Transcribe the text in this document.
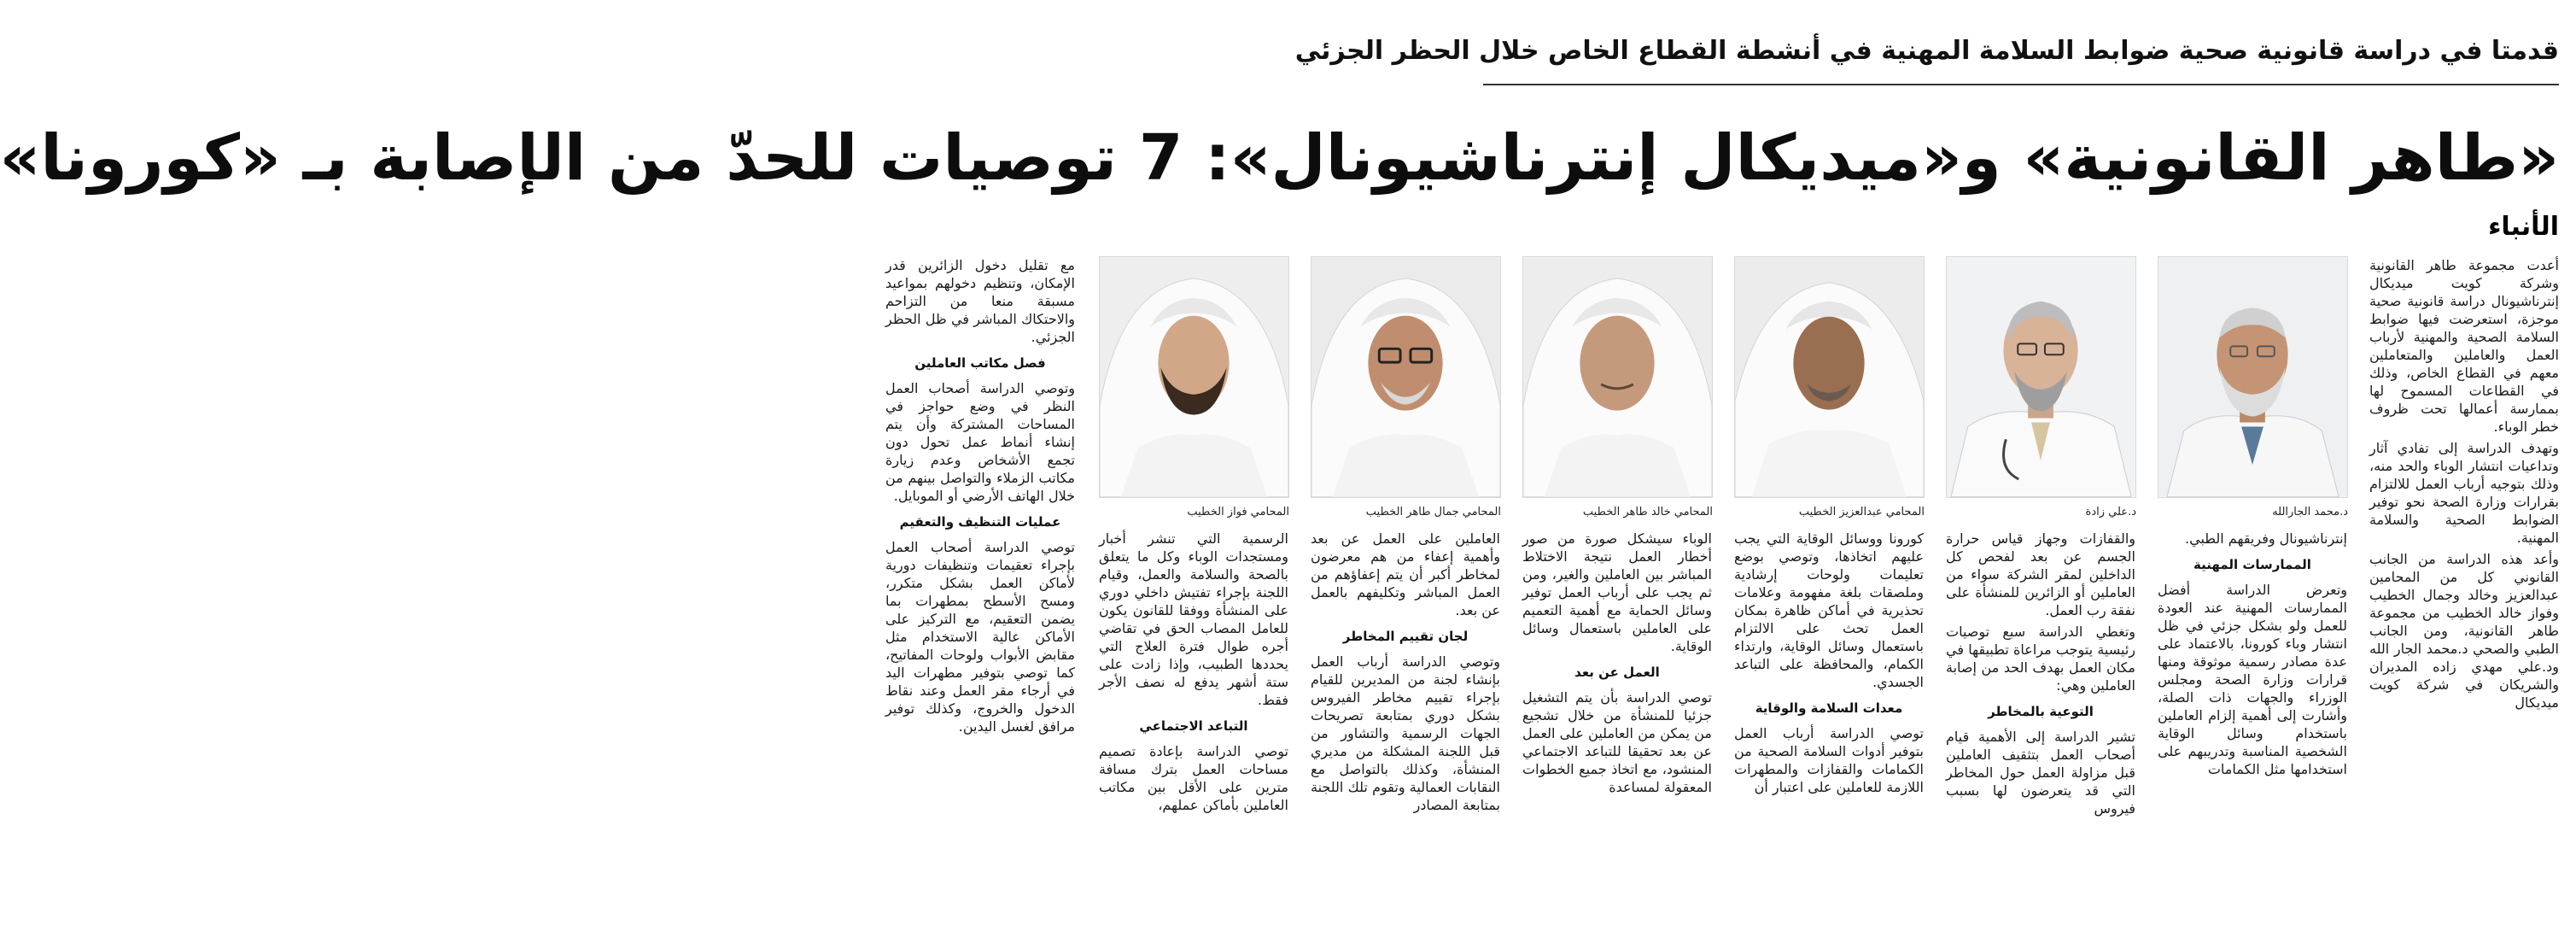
قدمتا في دراسة قانونية صحية ضوابط السلامة المهنية في أنشطة القطاع الخاص خلال الحظر الجزئي
«طاهر القانونية» و«ميديكال إنترناشيونال»: 7 توصيات للحدّ من الإصابة بـ «كورونا»
الأنباء

أعدت مجموعة طاهر القانونية وشركة كويت ميديكال إنترناشيونال دراسة قانونية صحية موجزة، استعرضت فيها ضوابط السلامة الصحية والمهنية لأرباب العمل والعاملين والمتعاملين معهم في القطاع الخاص، وذلك في القطاعات المسموح لها بممارسة أعمالها تحت ظروف خطر الوباء.

وتهدف الدراسة إلى تفادي آثار وتداعيات انتشار الوباء والحد منه، وذلك بتوجيه أرباب العمل للالتزام بقرارات وزارة الصحة نحو توفير الضوابط الصحية والسلامة المهنية.

وأعد هذه الدراسة من الجانب القانوني كل من المحامين عبدالعزيز وخالد وجمال الخطيب وفواز خالد الخطيب من مجموعة طاهر القانونية، ومن الجانب الطبي والصحي د.محمد الجار الله ود.علي مهدي زاده المديران والشريكان في شركة كويت ميديكال

د.محمد الجارالله
د.علي زادة
المحامي عبدالعزيز الخطيب
المحامي خالد طاهر الخطيب
المحامي جمال طاهر الخطيب
المحامي فواز الخطيب

إنترناشيونال وفريقهم الطبي.

الممارسات المهنية

وتعرض الدراسة أفضل الممارسات المهنية عند العودة للعمل ولو بشكل جزئي في ظل انتشار وباء كورونا، بالاعتماد على عدة مصادر رسمية موثوقة ومنها قرارات وزارة الصحة ومجلس الوزراء والجهات ذات الصلة، وأشارت إلى أهمية إلزام العاملين باستخدام وسائل الوقاية الشخصية المناسبة وتدريبهم على استخدامها مثل الكمامات

والقفازات وجهاز قياس حرارة الجسم عن بعد لفحص كل الداخلين لمقر الشركة سواء من العاملين أو الزائرين للمنشأة على نفقة رب العمل.

وتغطي الدراسة سبع توصيات رئيسية يتوجب مراعاة تطبيقها في مكان العمل بهدف الحد من إصابة العاملين وهي:

التوعية بالمخاطر

تشير الدراسة إلى الأهمية قيام أصحاب العمل بتثقيف العاملين قبل مزاولة العمل حول المخاطر التي قد يتعرضون لها بسبب فيروس

كورونا ووسائل الوقاية التي يجب عليهم اتخاذها، وتوصي بوضع تعليمات ولوحات إرشادية وملصقات بلغة مفهومة وعلامات تحذيرية في أماكن ظاهرة بمكان العمل تحث على الالتزام باستعمال وسائل الوقاية، وارتداء الكمام، والمحافظة على التباعد الجسدي.

معدات السلامة والوقاية

توصي الدراسة أرباب العمل بتوفير أدوات السلامة الصحية من الكمامات والقفازات والمطهرات اللازمة للعاملين على اعتبار أن

الوباء سيشكل صورة من صور أخطار العمل نتيجة الاختلاط المباشر بين العاملين والغير، ومن ثم يجب على أرباب العمل توفير وسائل الحماية مع أهمية التعميم على العاملين باستعمال وسائل الوقاية.

العمل عن بعد

توصي الدراسة بأن يتم التشغيل جزئيا للمنشأة من خلال تشجيع من يمكن من العاملين على العمل عن بعد تحقيقا للتباعد الاجتماعي المنشود، مع اتخاذ جميع الخطوات المعقولة لمساعدة

العاملين على العمل عن بعد وأهمية إعفاء من هم معرضون لمخاطر أكبر أن يتم إعفاؤهم من العمل المباشر وتكليفهم بالعمل عن بعد.

لجان تقييم المخاطر

وتوصي الدراسة أرباب العمل بإنشاء لجنة من المديرين للقيام بإجراء تقييم مخاطر الفيروس بشكل دوري بمتابعة تصريحات الجهات الرسمية والتشاور من قبل اللجنة المشكلة من مديري المنشأة، وكذلك بالتواصل مع النقابات العمالية وتقوم تلك اللجنة بمتابعة المصادر

الرسمية التي تنشر أخبار ومستجدات الوباء وكل ما يتعلق بالصحة والسلامة والعمل، وقيام اللجنة بإجراء تفتيش داخلي دوري على المنشأة ووفقا للقانون يكون للعامل المصاب الحق في تقاضي أجره طوال فترة العلاج التي يحددها الطبيب، وإذا زادت على ستة أشهر يدفع له نصف الأجر فقط.

التباعد الاجتماعي

توصي الدراسة بإعادة تصميم مساحات العمل بترك مسافة مترين على الأقل بين مكاتب العاملين بأماكن عملهم،

مع تقليل دخول الزائرين قدر الإمكان، وتنظيم دخولهم بمواعيد مسبقة منعا من التزاحم والاحتكاك المباشر في ظل الحظر الجزئي.

فصل مكاتب العاملين

وتوصي الدراسة أصحاب العمل النظر في وضع حواجز في المساحات المشتركة وأن يتم إنشاء أنماط عمل تحول دون تجمع الأشخاص وعدم زيارة مكاتب الزملاء والتواصل بينهم من خلال الهاتف الأرضي أو الموبايل.

عمليات التنظيف والتعقيم

توصي الدراسة أصحاب العمل بإجراء تعقيمات وتنظيفات دورية لأماكن العمل بشكل متكرر، ومسح الأسطح بمطهرات بما يضمن التعقيم، مع التركيز على الأماكن عالية الاستخدام مثل مقابض الأبواب ولوحات المفاتيح، كما توصي بتوفير مطهرات اليد في أرجاء مقر العمل وعند نقاط الدخول والخروج، وكذلك توفير مرافق لغسل اليدين.
